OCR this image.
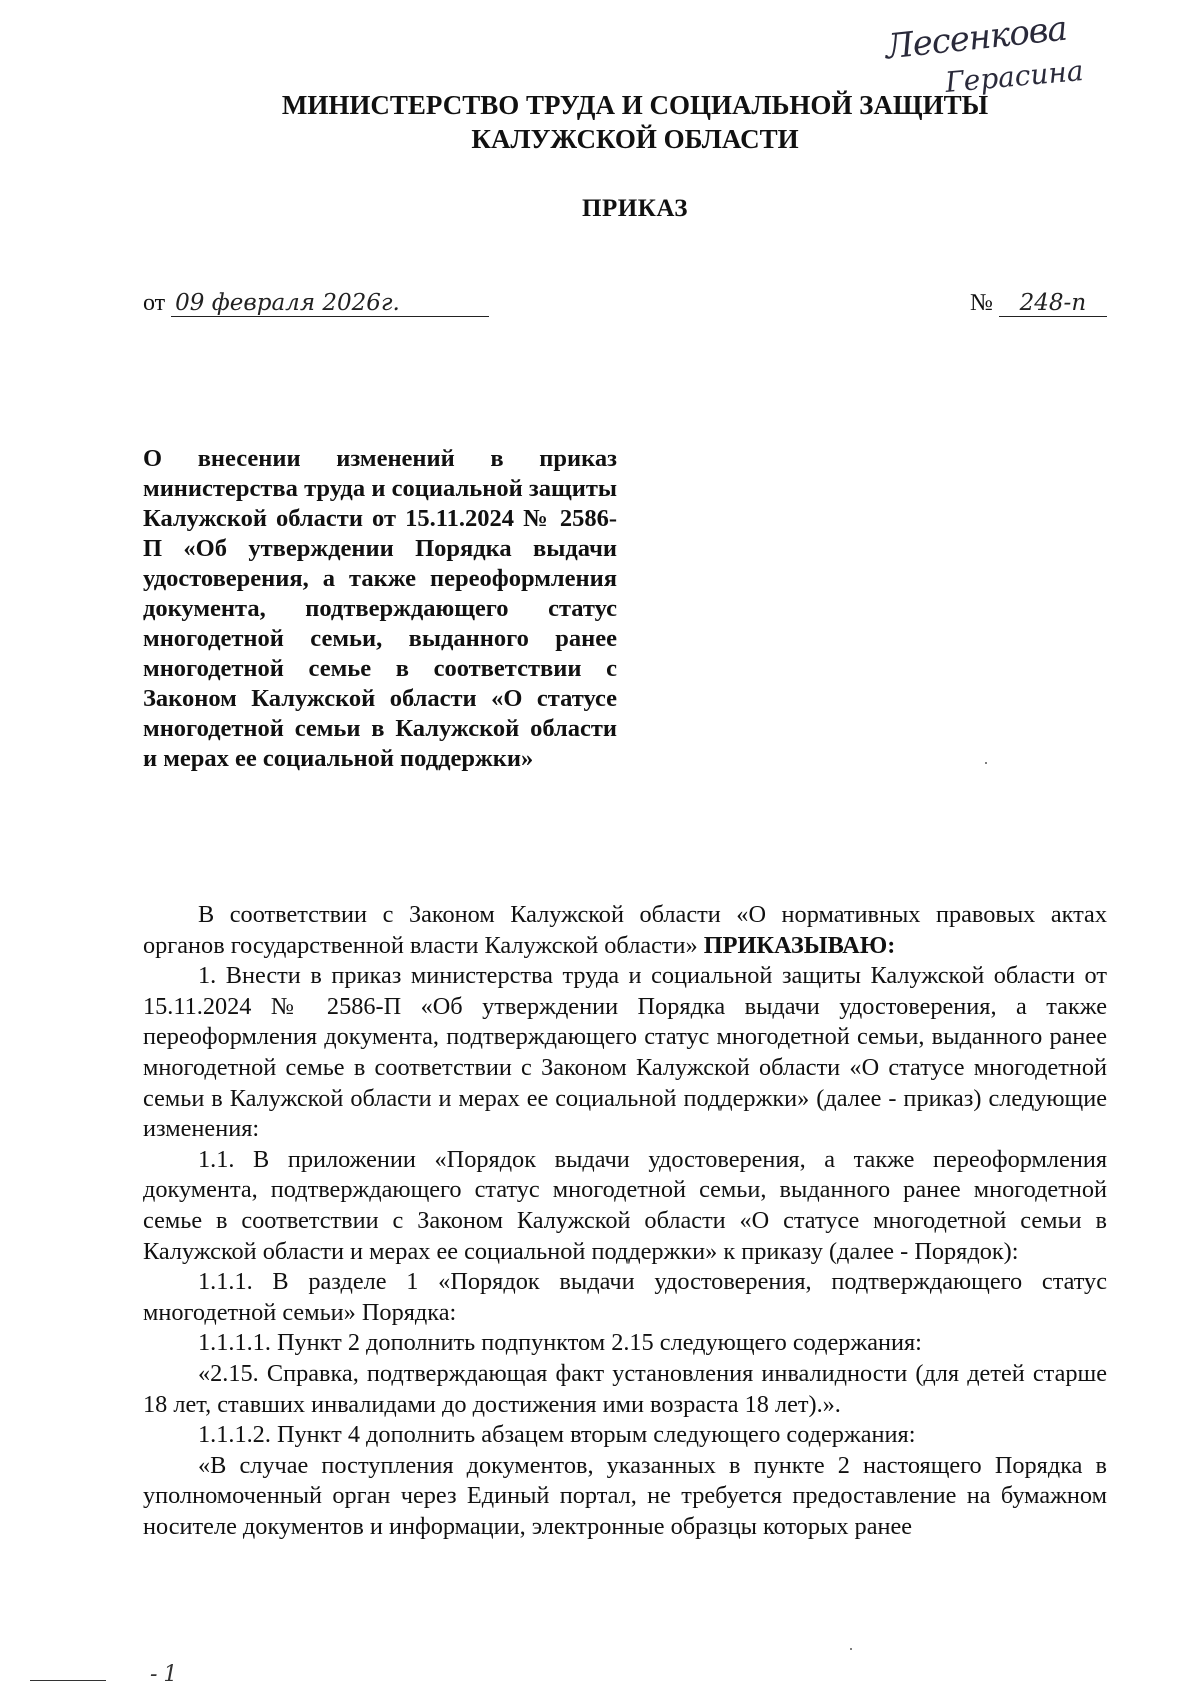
Лесенкова
Герасина
МИНИСТЕРСТВО ТРУДА И СОЦИАЛЬНОЙ ЗАЩИТЫ
КАЛУЖСКОЙ ОБЛАСТИ
ПРИКАЗ
от 09 февраля 2026г.	№ 248-п
О внесении изменений в приказ министерства труда и социальной защиты Калужской области от 15.11.2024 № 2586-П «Об утверждении Порядка выдачи удостоверения, а также переоформления документа, подтверждающего статус многодетной семьи, выданного ранее многодетной семье в соответствии с Законом Калужской области «О статусе многодетной семьи в Калужской области и мерах ее социальной поддержки»

В соответствии с Законом Калужской области «О нормативных правовых актах органов государственной власти Калужской области» ПРИКАЗЫВАЮ:

1. Внести в приказ министерства труда и социальной защиты Калужской области от 15.11.2024 № 2586-П «Об утверждении Порядка выдачи удостоверения, а также переоформления документа, подтверждающего статус многодетной семьи, выданного ранее многодетной семье в соответствии с Законом Калужской области «О статусе многодетной семьи в Калужской области и мерах ее социальной поддержки» (далее - приказ) следующие изменения:

1.1. В приложении «Порядок выдачи удостоверения, а также переоформления документа, подтверждающего статус многодетной семьи, выданного ранее многодетной семье в соответствии с Законом Калужской области «О статусе многодетной семьи в Калужской области и мерах ее социальной поддержки» к приказу (далее - Порядок):

1.1.1. В разделе 1 «Порядок выдачи удостоверения, подтверждающего статус многодетной семьи» Порядка:

1.1.1.1. Пункт 2 дополнить подпунктом 2.15 следующего содержания:

«2.15. Справка, подтверждающая факт установления инвалидности (для детей старше 18 лет, ставших инвалидами до достижения ими возраста 18 лет).».

1.1.1.2. Пункт 4 дополнить абзацем вторым следующего содержания:

«В случае поступления документов, указанных в пункте 2 настоящего Порядка в уполномоченный орган через Единый портал, не требуется предоставление на бумажном носителе документов и информации, электронные образцы которых ранее

-1
